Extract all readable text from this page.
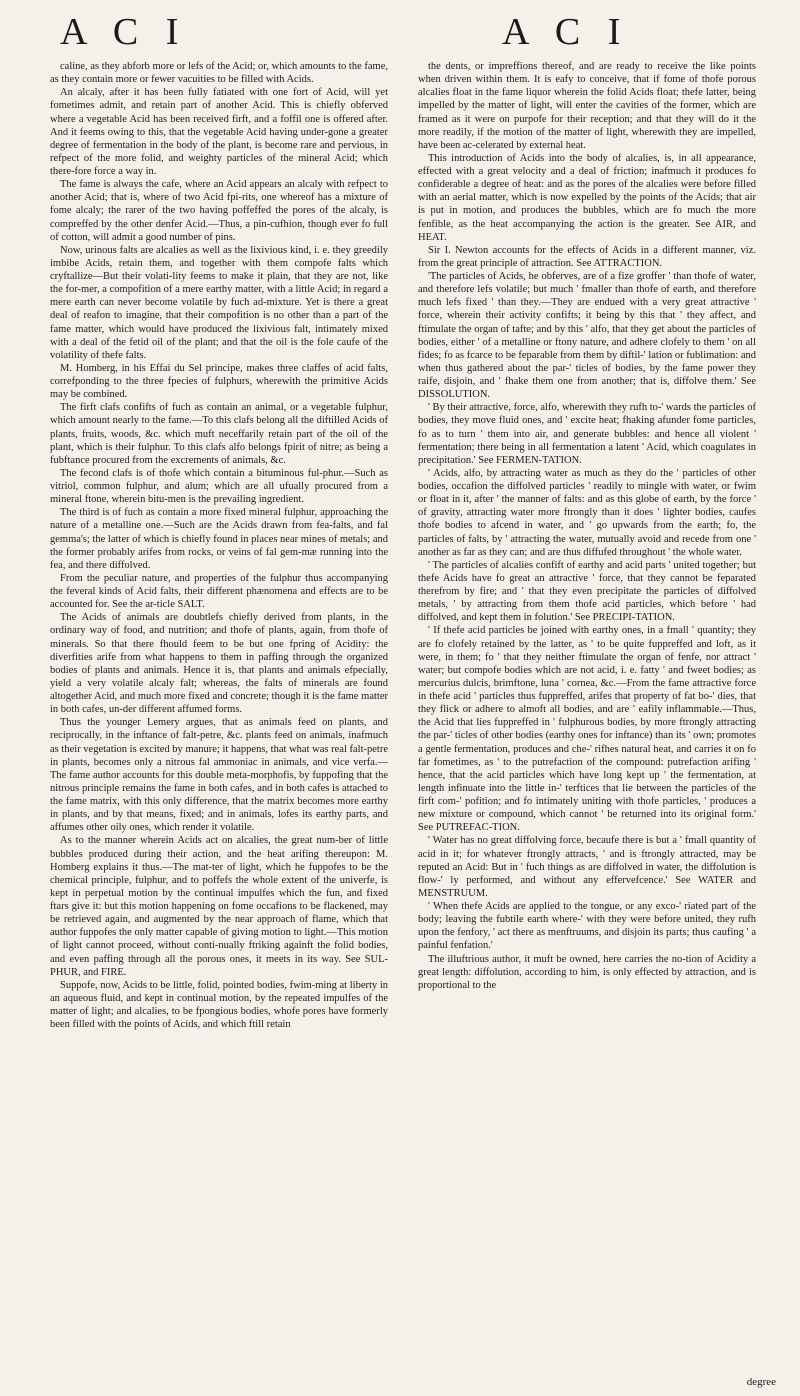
A C I	A C I

caline, as they abforb more or lefs of the Acid; or, which amounts to the fame, as they contain more or fewer vacuities to be filled with Acids.

An alcaly, after it has been fully fatiated with one fort of Acid, will yet fometimes admit, and retain part of another Acid. This is chiefly obferved where a vegetable Acid has been received firft, and a foffil one is offered after. And it feems owing to this, that the vegetable Acid having under-gone a greater degree of fermentation in the body of the plant, is become rare and pervious, in refpect of the more folid, and weighty particles of the mineral Acid; which there-fore force a way in.

The fame is always the cafe, where an Acid appears an alcaly with refpect to another Acid; that is, where of two Acid fpi-rits, one whereof has a mixture of fome alcaly; the rarer of the two having poffeffed the pores of the alcaly, is compreffed by the other denfer Acid.—Thus, a pin-cufhion, though ever fo full of cotton, will admit a good number of pins.

Now, urinous falts are alcalies as well as the lixivious kind, i. e. they greedily imbibe Acids, retain them, and together with them compofe falts which cryftallize—But their volati-lity feems to make it plain, that they are not, like the for-mer, a compofition of a mere earthy matter, with a little Acid; in regard a mere earth can never become volatile by fuch ad-mixture. Yet is there a great deal of reafon to imagine, that their compofition is no other than a part of the fame matter, which would have produced the lixivious falt, intimately mixed with a deal of the fetid oil of the plant; and that the oil is the fole caufe of the volatility of thefe falts.

M. Homberg, in his Effai du Sel principe, makes three claffes of acid falts, correfponding to the three fpecies of fulphurs, wherewith the primitive Acids may be combined.

The firft clafs confifts of fuch as contain an animal, or a vegetable fulphur, which amount nearly to the fame.—To this clafs belong all the diftilled Acids of plants, fruits, woods, &c. which muft neceffarily retain part of the oil of the plant, which is their fulphur. To this clafs alfo belongs fpirit of nitre; as being a fubftance procured from the excrements of animals, &c.

The fecond clafs is of thofe which contain a bituminous ful-phur.—Such as vitriol, common fulphur, and alum; which are all ufually procured from a mineral ftone, wherein bitu-men is the prevailing ingredient.

The third is of fuch as contain a more fixed mineral fulphur, approaching the nature of a metalline one.—Such are the Acids drawn from fea-falts, and fal gemma's; the latter of which is chiefly found in places near mines of metals; and the former probably arifes from rocks, or veins of fal gem-mæ running into the fea, and there diffolved.

From the peculiar nature, and properties of the fulphur thus accompanying the feveral kinds of Acid falts, their different phænomena and effects are to be accounted for. See the ar-ticle SALT.

The Acids of animals are doubtlefs chiefly derived from plants, in the ordinary way of food, and nutrition; and thofe of plants, again, from thofe of minerals. So that there fhould feem to be but one fpring of Acidity: the diverfities arife from what happens to them in paffing through the organized bodies of plants and animals. Hence it is, that plants and animals efpecially, yield a very volatile alcaly falt; whereas, the falts of minerals are found altogether Acid, and much more fixed and concrete; though it is the fame matter in both cafes, un-der different affumed forms.

Thus the younger Lemery argues, that as animals feed on plants, and reciprocally, in the inftance of falt-petre, &c. plants feed on animals, inafmuch as their vegetation is excited by manure; it happens, that what was real falt-petre in plants, becomes only a nitrous fal ammoniac in animals, and vice verfa.—The fame author accounts for this double meta-morphofis, by fuppofing that the nitrous principle remains the fame in both cafes, and in both cafes is attached to the fame matrix, with this only difference, that the matrix becomes more earthy in plants, and by that means, fixed; and in animals, lofes its earthy parts, and affumes other oily ones, which render it volatile.

As to the manner wherein Acids act on alcalies, the great num-ber of little bubbles produced during their action, and the heat arifing thereupon: M. Homberg explains it thus.—The mat-ter of light, which he fuppofes to be the chemical principle, fulphur, and to poffefs the whole extent of the univerfe, is kept in perpetual motion by the continual impulfes which the fun, and fixed ftars give it: but this motion happening on fome occafions to be flackened, may be retrieved again, and augmented by the near approach of flame, which that author fuppofes the only matter capable of giving motion to light.—This motion of light cannot proceed, without conti-nually ftriking againft the folid bodies, and even paffing through all the porous ones, it meets in its way. See SUL-PHUR, and FIRE.

Suppofe, now, Acids to be little, folid, pointed bodies, fwim-ming at liberty in an aqueous fluid, and kept in continual motion, by the repeated impulfes of the matter of light; and alcalies, to be fpongious bodies, whofe pores have formerly been filled with the points of Acids, and which ftill retain

the dents, or impreffions thereof, and are ready to receive the like points when driven within them. It is eafy to conceive, that if fome of thofe porous alcalies float in the fame liquor wherein the folid Acids float; thefe latter, being impelled by the matter of light, will enter the cavities of the former, which are framed as it were on purpofe for their reception; and that they will do it the more readily, if the motion of the matter of light, wherewith they are impelled, have been ac-celerated by external heat.

This introduction of Acids into the body of alcalies, is, in all appearance, effected with a great velocity and a deal of friction; inafmuch it produces fo confiderable a degree of heat: and as the pores of the alcalies were before filled with an aerial matter, which is now expelled by the points of the Acids; that air is put in motion, and produces the bubbles, which are fo much the more fenfible, as the heat accompanying the action is the greater. See AIR, and HEAT.

Sir I. Newton accounts for the effects of Acids in a different manner, viz. from the great principle of attraction. See ATTRACTION.

'The particles of Acids, he obferves, are of a fize groffer ' than thofe of water, and therefore lefs volatile; but much ' fmaller than thofe of earth, and therefore much lefs fixed ' than they.—They are endued with a very great attractive ' force, wherein their activity confifts; it being by this that ' they affect, and ftimulate the organ of tafte; and by this ' alfo, that they get about the particles of bodies, either ' of a metalline or ftony nature, and adhere clofely to them ' on all fides; fo as fcarce to be feparable from them by diftil-' lation or fublimation: and when thus gathered about the par-' ticles of bodies, by the fame power they raife, disjoin, and ' fhake them one from another; that is, diffolve them.' See DISSOLUTION.

' By their attractive, force, alfo, wherewith they rufh to-' wards the particles of bodies, they move fluid ones, and ' excite heat; fhaking afunder fome particles, fo as to turn ' them into air, and generate bubbles: and hence all violent ' fermentation; there being in all fermentation a latent ' Acid, which coagulates in precipitation.' See FERMEN-TATION.

' Acids, alfo, by attracting water as much as they do the ' particles of other bodies, occafion the diffolved particles ' readily to mingle with water, or fwim or float in it, after ' the manner of falts: and as this globe of earth, by the force ' of gravity, attracting water more ftrongly than it does ' lighter bodies, caufes thofe bodies to afcend in water, and ' go upwards from the earth; fo, the particles of falts, by ' attracting the water, mutually avoid and recede from one ' another as far as they can; and are thus diffufed throughout ' the whole water.

' The particles of alcalies confift of earthy and acid parts ' united together; but thefe Acids have fo great an attractive ' force, that they cannot be feparated therefrom by fire; and ' that they even precipitate the particles of diffolved metals, ' by attracting from them thofe acid particles, which before ' had diffolved, and kept them in folution.' See PRECIPI-TATION.

' If thefe acid particles be joined with earthy ones, in a fmall ' quantity; they are fo clofely retained by the latter, as ' to be quite fuppreffed and loft, as it were, in them; fo ' that they neither ftimulate the organ of fenfe, nor attract ' water; but compofe bodies which are not acid, i. e. fatty ' and fweet bodies; as mercurius dulcis, brimftone, luna ' cornea, &c.—From the fame attractive force in thefe acid ' particles thus fuppreffed, arifes that property of fat bo-' dies, that they flick or adhere to almoft all bodies, and are ' eafily inflammable.—Thus, the Acid that lies fuppreffed in ' fulphurous bodies, by more ftrongly attracting the par-' ticles of other bodies (earthy ones for inftance) than its ' own; promotes a gentle fermentation, produces and che-' rifhes natural heat, and carries it on fo far fometimes, as ' to the putrefaction of the compound: putrefaction arifing ' hence, that the acid particles which have long kept up ' the fermentation, at length infinuate into the little in-' terftices that lie between the particles of the firft com-' pofition; and fo intimately uniting with thofe particles, ' produces a new mixture or compound, which cannot ' be returned into its original form.' See PUTREFAC-TION.

' Water has no great diffolving force, becaufe there is but a ' fmall quantity of acid in it; for whatever ftrongly attracts, ' and is ftrongly attracted, may be reputed an Acid: But in ' fuch things as are diffolved in water, the diffolution is flow-' ly performed, and without any effervefcence.' See WATER and MENSTRUUM.

' When thefe Acids are applied to the tongue, or any exco-' riated part of the body; leaving the fubtile earth where-' with they were before united, they rufh upon the fenfory, ' act there as menftruums, and disjoin its parts; thus caufing ' a painful fenfation.'

The illuftrious author, it muft be owned, here carries the no-tion of Acidity a great length: diffolution, according to him, is only effected by attraction, and is proportional to the

degree
